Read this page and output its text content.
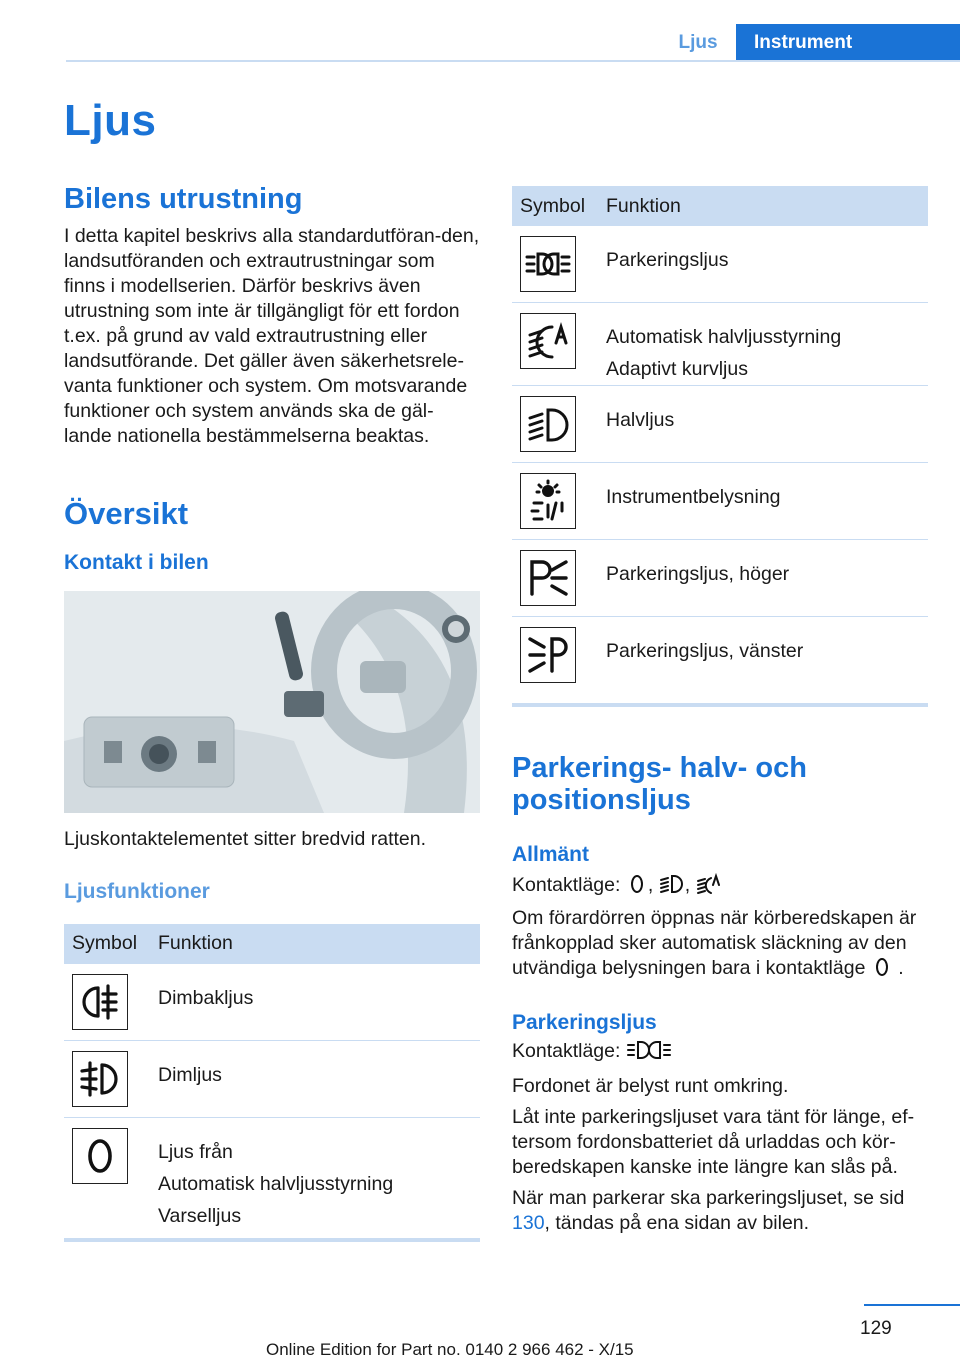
Ljus	Instrument
Ljus
Bilens utrustning

I detta kapitel beskrivs alla standardutföran-den, landsutföranden och extrautrustningar som finns i modellserien. Därför beskrivs även utrustning som inte är tillgängligt för ett fordon t.ex. på grund av vald extrautrustning eller landsutförande. Det gäller även säkerhetsrele-vanta funktioner och system. Om motsvarande funktioner och system används ska de gäl-lande nationella bestämmelserna beaktas.

Översikt
Kontakt i bilen

Ljuskontaktelementet sitter bredvid ratten.

Ljusfunktioner
Symbol	Funktion

Dimbakljus

Dimljus

Ljus från
Automatisk halvljusstyrning
Varselljus
Symbol	Funktion

Parkeringsljus

Automatisk halvljusstyrning
Adaptivt kurvljus

Halvljus

Instrumentbelysning

Parkeringsljus, höger

Parkeringsljus, vänster
Parkerings- halv- och positionsljus
Allmänt

Kontaktläge: , ,

Om förardörren öppnas när körberedskapen är frånkopplad sker automatisk släckning av den utvändiga belysningen bara i kontaktläge .

Parkeringsljus

Kontaktläge:

Fordonet är belyst runt omkring.

Låt inte parkeringsljuset vara tänt för länge, ef-tersom fordonsbatteriet då urladdas och kör-beredskapen kanske inte längre kan slås på.

När man parkerar ska parkeringsljuset, se sid 130, tändas på ena sidan av bilen.

129
Online Edition for Part no. 0140 2 966 462 - X/15
